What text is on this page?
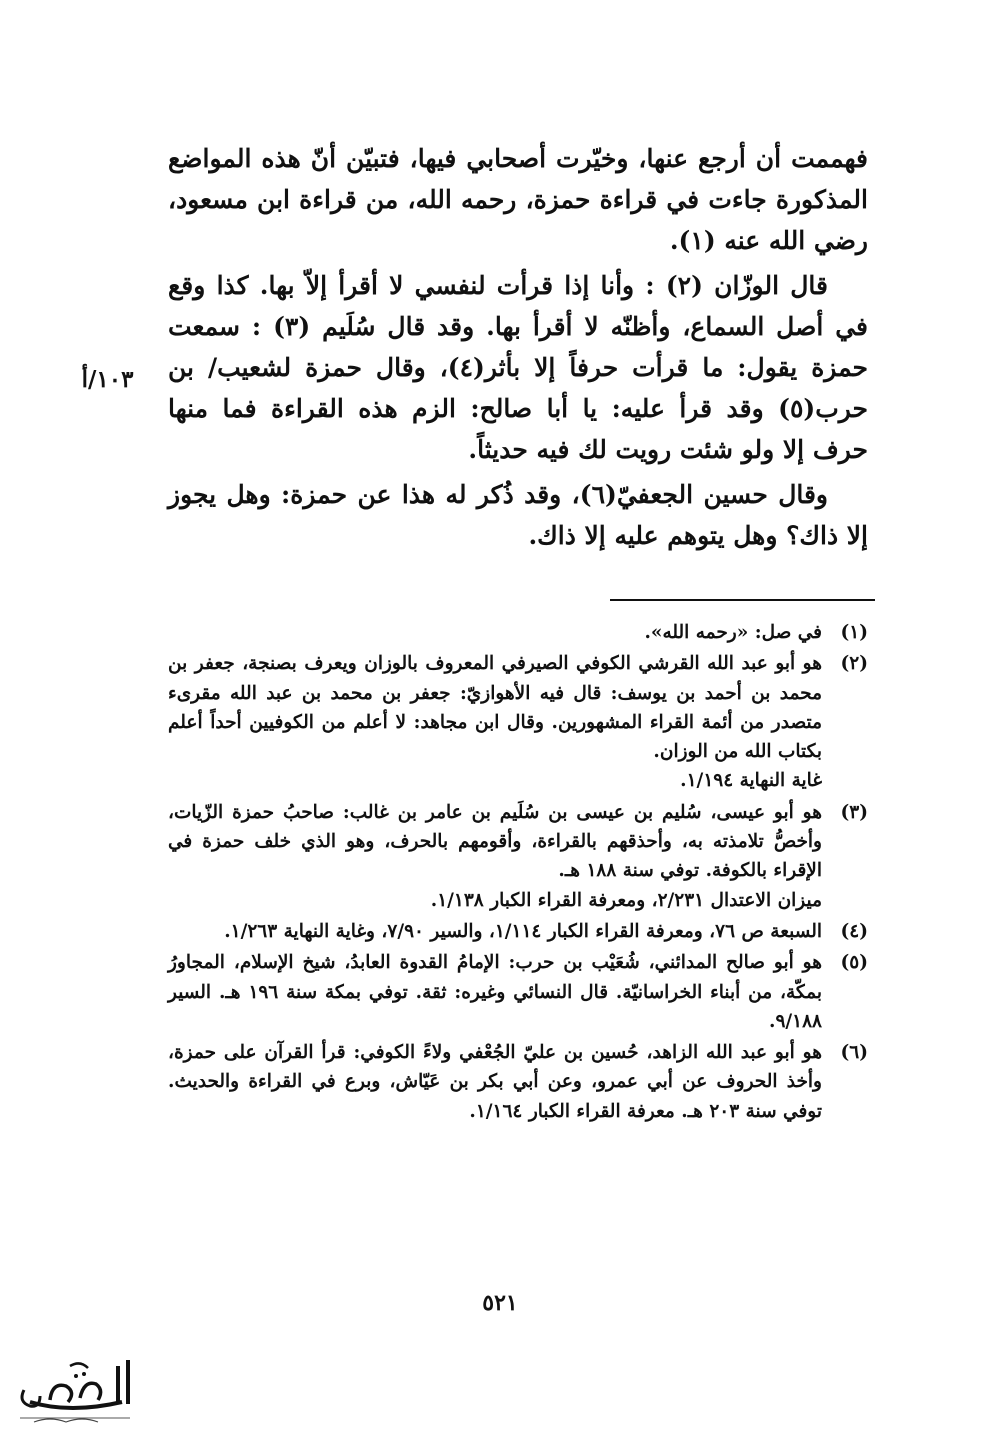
فهممت أن أرجع عنها، وخيّرت أصحابي فيها، فتبيّن أنّ هذه المواضع المذكورة جاءت في قراءة حمزة، رحمه الله، من قراءة ابن مسعود، رضي الله عنه (١).

قال الوزّان (٢) : وأنا إذا قرأت لنفسي لا أقرأ إلاّ بها. كذا وقع في أصل السماع، وأظنّه لا أقرأ بها. وقد قال سُلَيم (٣) : سمعت حمزة يقول: ما قرأت حرفاً إلا بأثر(٤)، وقال حمزة لشعيب/ بن حرب(٥) وقد قرأ عليه: يا أبا صالح: الزم هذه القراءة فما منها حرف إلا ولو شئت رويت لك فيه حديثاً.

وقال حسين الجعفيّ(٦)، وقد ذُكر له هذا عن حمزة: وهل يجوز إلا ذاك؟ وهل يتوهم عليه إلا ذاك.

١٠٣/أ
(١)
في صل: «رحمه الله».
(٢)
هو أبو عبد الله القرشي الكوفي الصيرفي المعروف بالوزان ويعرف بصنجة، جعفر بن محمد بن أحمد بن يوسف: قال فيه الأهوازيّ: جعفر بن محمد بن عبد الله مقرىء متصدر من أئمة القراء المشهورين. وقال ابن مجاهد: لا أعلم من الكوفيين أحداً أعلم بكتاب الله من الوزان.
غاية النهاية ١/١٩٤.
(٣)
هو أبو عيسى، سُليم بن عيسى بن سُلَيم بن عامر بن غالب: صاحبُ حمزة الزّيات، وأخصُّ تلامذته به، وأحذقهم بالقراءة، وأقومهم بالحرف، وهو الذي خلف حمزة في الإقراء بالكوفة. توفي سنة ١٨٨ هـ.
ميزان الاعتدال ٢/٢٣١، ومعرفة القراء الكبار ١/١٣٨.
(٤)
السبعة ص ٧٦، ومعرفة القراء الكبار ١/١١٤، والسير ٧/٩٠، وغاية النهاية ١/٢٦٣.
(٥)
هو أبو صالح المدائني، شُعَيْب بن حرب: الإمامُ القدوة العابدُ، شيخ الإسلام، المجاورُ بمكّة، من أبناء الخراسانيّة. قال النسائي وغيره: ثقة. توفي بمكة سنة ١٩٦ هـ. السير ٩/١٨٨.
(٦)
هو أبو عبد الله الزاهد، حُسين بن عليّ الجُعْفي ولاءً الكوفي: قرأ القرآن على حمزة، وأخذ الحروف عن أبي عمرو، وعن أبي بكر بن عَيّاش، وبرع في القراءة والحديث. توفي سنة ٢٠٣ هـ. معرفة القراء الكبار ١/١٦٤.
٥٢١
